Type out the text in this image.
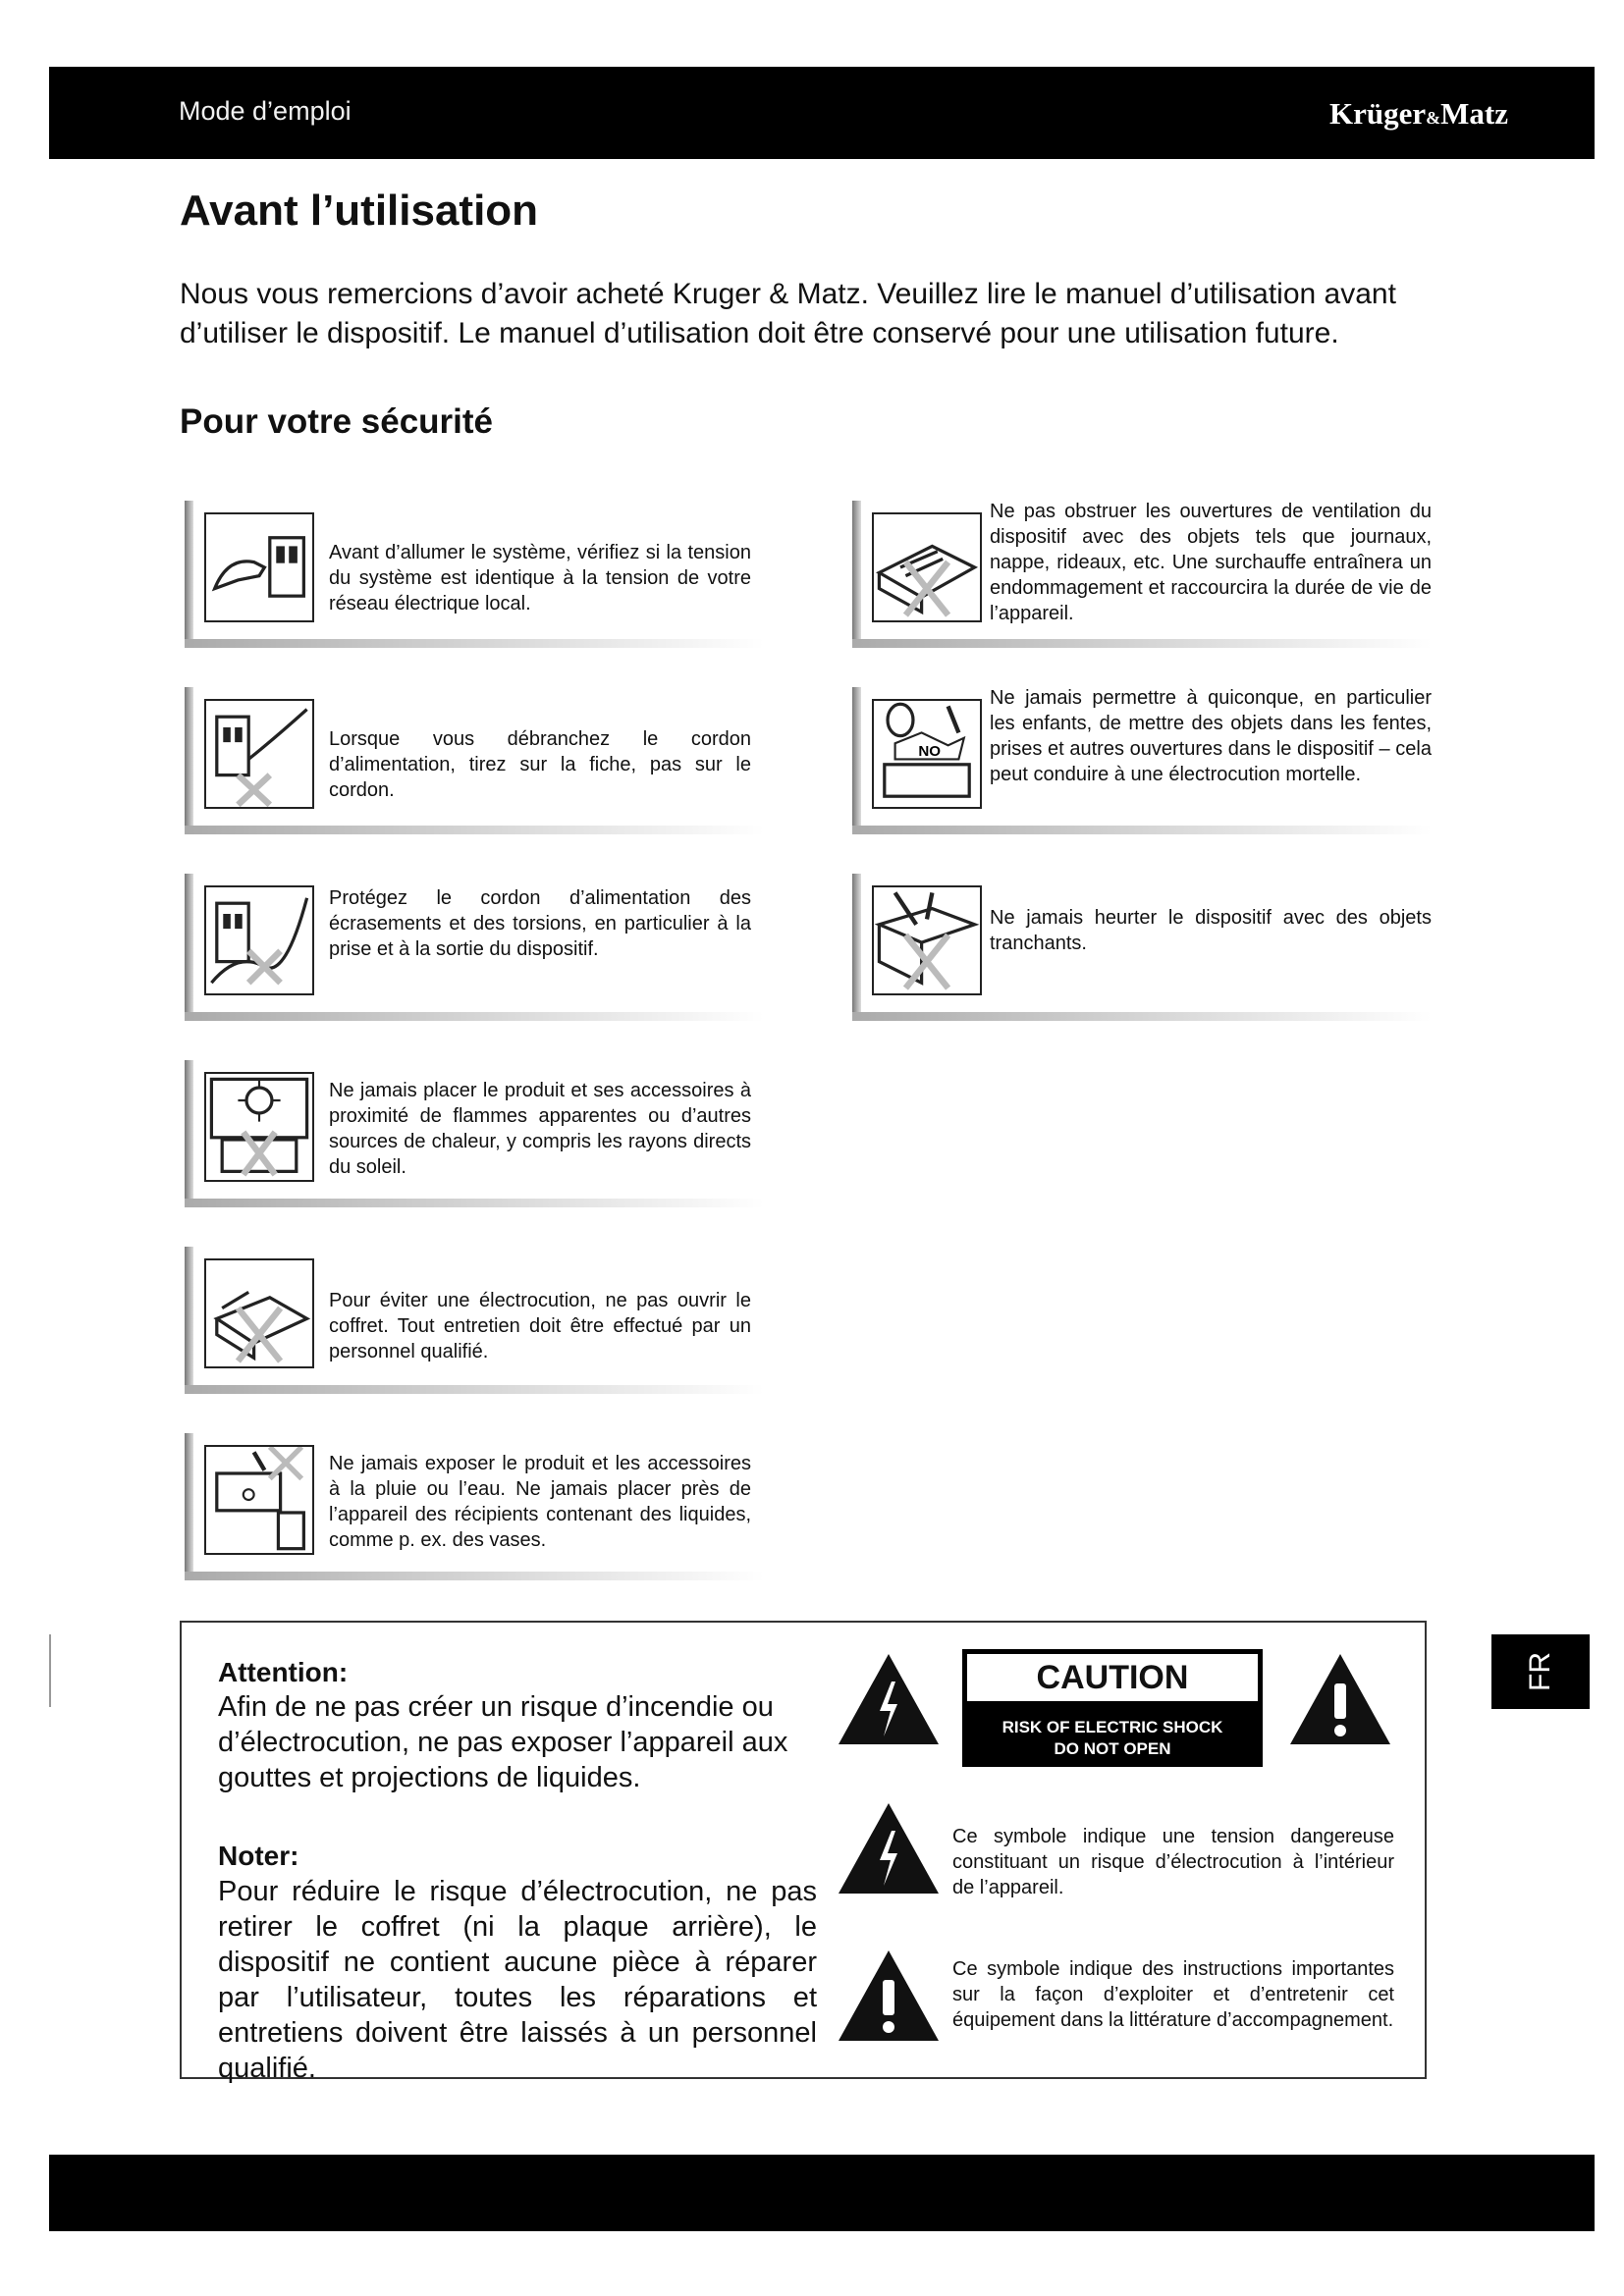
Mode d’emploi	Krüger&Matz
Avant l’utilisation

Nous vous remercions d’avoir acheté Kruger & Matz. Veuillez lire le manuel d’utilisation avant d’utiliser le dispositif. Le manuel d’utilisation doit être conservé pour une utilisation future.

Pour votre sécurité
Avant d’allumer le système, vérifiez si la tension du système est identique à la tension de votre réseau électrique local.
Lorsque vous débranchez le cordon d’alimentation, tirez sur la fiche, pas sur le cordon.
Protégez le cordon d’alimentation des écrasements et des torsions, en particulier à la prise et à la sortie du dispositif.
Ne jamais placer le produit et ses accessoires à proximité de flammes apparentes ou d’autres sources de chaleur, y compris les rayons directs du soleil.
Pour éviter une électrocution, ne pas ouvrir le coffret. Tout entretien doit être effectué par un personnel qualifié.
Ne jamais exposer le produit et les accessoires à la pluie ou l’eau. Ne jamais placer près de l’appareil des récipients contenant des liquides, comme p. ex. des vases.
Ne pas obstruer les ouvertures de ventilation du dispositif avec des objets tels que journaux, nappe, rideaux, etc. Une surchauffe entraînera un endommagement et raccourcira la durée de vie de l’appareil.
NO
Ne jamais permettre à quiconque, en particulier les enfants, de mettre des objets dans les fentes, prises et autres ouvertures dans le dispositif – cela peut conduire à une électrocution mortelle.
Ne jamais heurter le dispositif avec des objets tranchants.
Attention:
Afin de ne pas créer un risque d’incendie ou d’électrocution, ne pas exposer l’appareil aux gouttes et projections de liquides.
Noter:
Pour réduire le risque d’électrocution, ne pas retirer le coffret (ni la plaque arrière), le dispositif ne contient aucune pièce à réparer par l’utilisateur, toutes les réparations et entretiens doivent être laissés à un personnel qualifié.
CAUTION
RISK OF ELECTRIC SHOCK
DO NOT OPEN
Ce symbole indique une tension dangereuse constituant un risque d’électrocution à l’intérieur de l’appareil.
Ce symbole indique des instructions importantes sur la façon d’exploiter et d’entretenir cet équipement dans la littérature d’accompagnement.
FR
